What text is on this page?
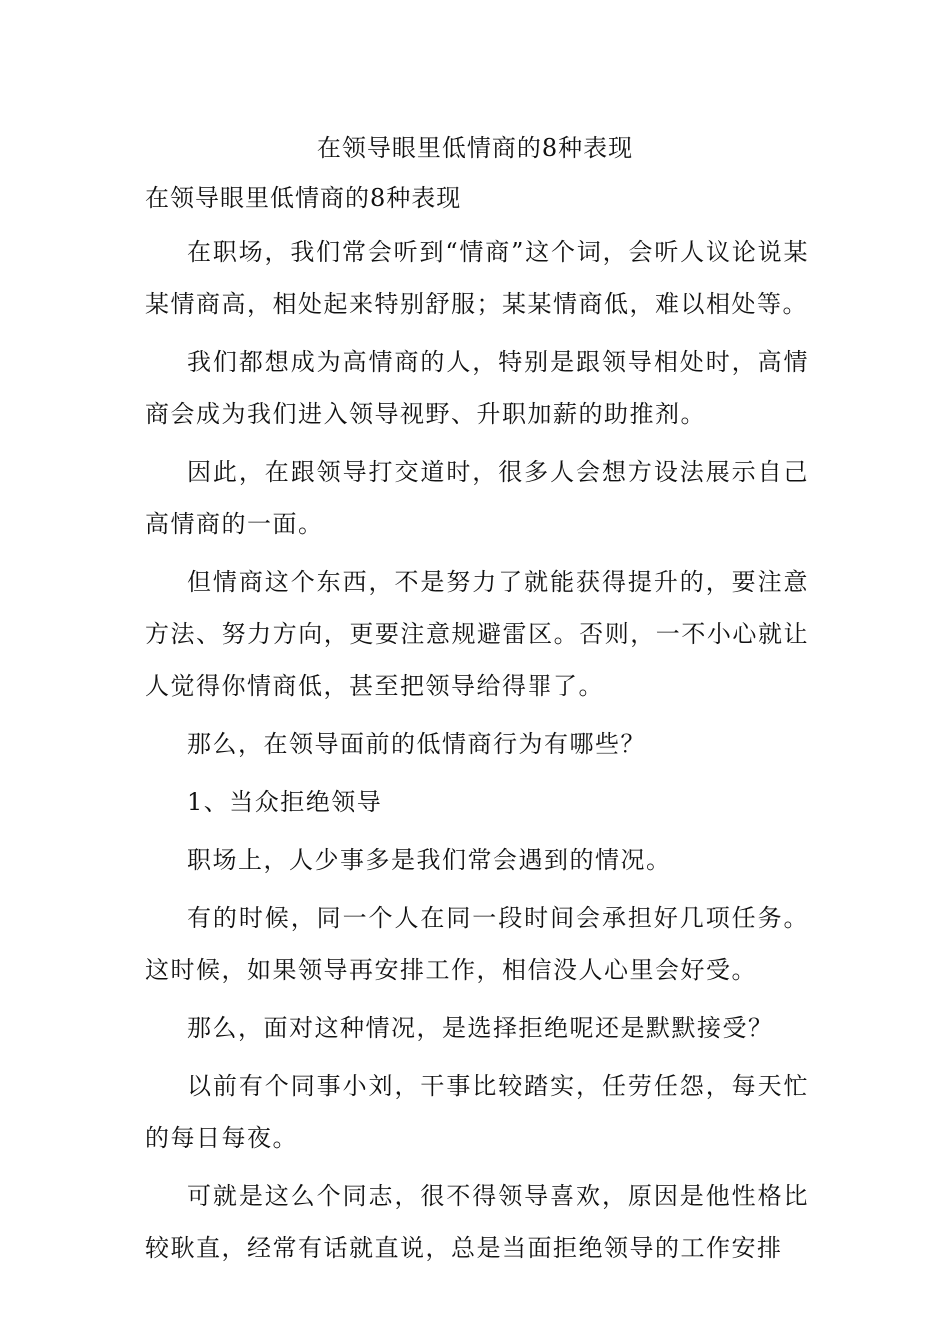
在领导眼里低情商的8种表现
在领导眼里低情商的8种表现

在职场，我们常会听到“情商”这个词，会听人议论说某某情商高，相处起来特别舒服；某某情商低，难以相处等。

我们都想成为高情商的人，特别是跟领导相处时，高情商会成为我们进入领导视野、升职加薪的助推剂。

因此，在跟领导打交道时，很多人会想方设法展示自己高情商的一面。

但情商这个东西，不是努力了就能获得提升的，要注意方法、努力方向，更要注意规避雷区。否则，一不小心就让人觉得你情商低，甚至把领导给得罪了。

那么，在领导面前的低情商行为有哪些？

1、当众拒绝领导

职场上，人少事多是我们常会遇到的情况。

有的时候，同一个人在同一段时间会承担好几项任务。这时候，如果领导再安排工作，相信没人心里会好受。

那么，面对这种情况，是选择拒绝呢还是默默接受？

以前有个同事小刘，干事比较踏实，任劳任怨，每天忙的每日每夜。

可就是这么个同志，很不得领导喜欢，原因是他性格比较耿直，经常有话就直说，总是当面拒绝领导的工作安排
